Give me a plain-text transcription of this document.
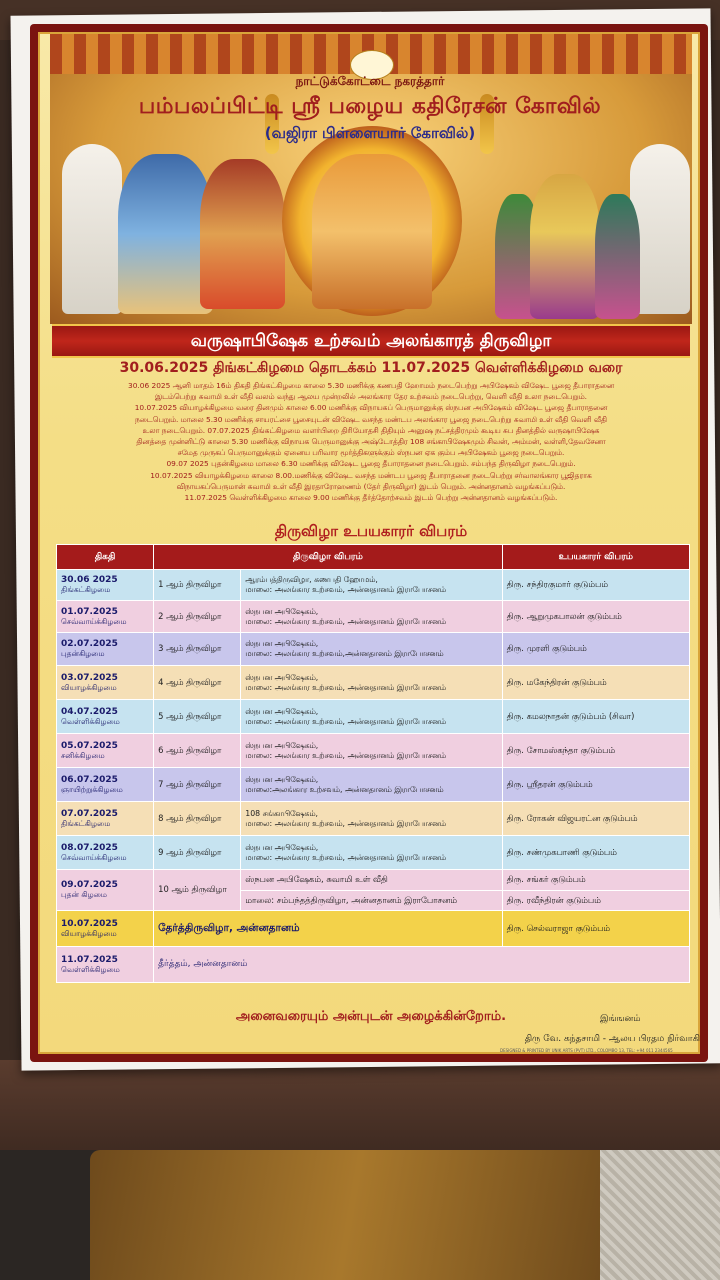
நாட்டுக்கோட்டை நகரத்தார்
பம்பலப்பிட்டி ஸ்ரீ பழைய கதிரேசன் கோவில்
(வஜிரா பிள்ளையார் கோவில்)
வருஷாபிஷேக உற்சவம் அலங்காரத் திருவிழா
30.06.2025 திங்கட்கிழமை தொடக்கம் 11.07.2025 வெள்ளிக்கிழமை வரை
30.06 2025 ஆனி மாதம் 16ம் திகதி திங்கட்கிழமை காலை 5.30 மணிக்கு கணபதி ஹோமம் நடைபெற்று அபிஷேகம் விஷேட பூஜை தீபாராதனை
இடம்பெற்று சுவாமி உள் வீதி வலம் வந்து ஆலய முன்றலில் அலங்கார தேர உற்சவம் நடைபெற்று, வெளி வீதி உலா நடைபெறும்.
10.07.2025 வியாழக்கிழமை வரை தினமும் காலை 6.00 மணிக்கு விநாயகப் பெருமானுக்கு ஸ்நபன அபிஷேகம் விஷேட பூஜை தீபாராதனை
நடைபெறும். மாலை 5.30 மணிக்கு சாயரட்சை பூசையுடன் விஷேட வசந்த மண்டப அலங்கார பூஜை நடைபெற்று சுவாமி உள் வீதி வெளி வீதி
உலா நடைபெறும். 07.07.2025 திங்கட்கிழமை வளர்பிறை திரியோதசி திதியும் அனுஷ நட்சத்திரமும் கூடிய சுப தினத்தில் வருஷாபிஷேக
தினத்தை முன்னிட்டு காலை 5.30 மணிக்கு விநாயக பெருமானுக்கு அஷ்டோத்திர 108 சங்காபிஷேகமும் சிவன், அம்மன், வள்ளி,தேவசேனா
சமேத முருகப் பெருமானுக்கும் ஏனைய பரிவார மூர்த்திகளுக்கும் ஸ்நபன ஏக கும்ப அபிஷேகம் பூஜை நடைபெறும்.
09.07 2025 புதன்கிழமை மாலை 6.30 மணிக்கு விஷேட பூஜை தீபாராதனை நடைபெறும். சம்பந்த திருவிழா நடைபெறும்.
10.07.2025 வியாழக்கிழமை காலை 8.00.மணிக்கு விஷேட வசந்த மண்டப பூஜை தீபாராதனை நடைபெற்று சர்வாலங்கார பூஜிதராக
விநாயகப்பெருமான் சுவாமி உள் வீதி இரதாரோஹணம் (தேர் திருவிழா) இடம் பெறும். அன்னதானம் வழங்கப்படும்.
11.07.2025 வெள்ளிக்கிழமை காலை 9.00 மணிக்கு தீர்த்தோற்சவம் இடம் பெற்று அன்னதானம் வழங்கப்படும்.
திருவிழா உபயகாரர் விபரம்
திகதி	திருவிழா விபரம்		உபயகாரர் விபரம்

30.06 2025
திங்கட்கிழமை	1 ஆம் திருவிழா	ஆரம்பத்திருவிழா, கணபதி ஹோமம்,
மாலை: அலங்கார உற்சவம், அன்னதானம் இராபோசனம்	திரு. சந்திரகுமார் குடும்பம்

01.07.2025
செவ்வாய்க்கிழமை	2 ஆம் திருவிழா	ஸ்நபன அபிஷேகம்,
மாலை: அலங்கார உற்சவம், அன்னதானம் இராபோசனம்	திரு. ஆறுமுகபாலன் குடும்பம்

02.07.2025
புதன்கிழமை	3 ஆம் திருவிழா	ஸ்நபன அபிஷேகம்,
மாலை: அலங்கார உற்சவம்,அன்னதானம் இராபோசனம்	திரு. முரளி குடும்பம்

03.07.2025
வியாழக்கிழமை	4 ஆம் திருவிழா	ஸ்நபன அபிஷேகம்,
மாலை: அலங்கார உற்சவம், அன்னதானம் இராபோசனம்	திரு. மகேந்திரன் குடும்பம்

04.07.2025
வெள்ளிக்கிழமை	5 ஆம் திருவிழா	ஸ்நபன அபிஷேகம்,
மாலை: அலங்கார உற்சவம், அன்னதானம் இராபோசனம்	திரு. கமலநாதன் குடும்பம் (சிவா)

05.07.2025
சனிக்கிழமை	6 ஆம் திருவிழா	ஸ்நபன அபிஷேகம்,
மாலை: அலங்கார உற்சவம், அன்னதானம் இராபோசனம்	திரு. சோமஸ்கந்தா குடும்பம்

06.07.2025
ஞாயிற்றுக்கிழமை	7 ஆம் திருவிழா	ஸ்நபன அபிஷேகம்,
மாலை:அலங்கார உற்சவம், அன்னதானம் இராபோசனம்	திரு. ஸ்ரீதரன் குடும்பம்

07.07.2025
திங்கட்கிழமை	8 ஆம் திருவிழா	108 சங்காபிஷேகம்,
மாலை: அலங்கார உற்சவம், அன்னதானம் இராபோசனம்	திரு. ரோகன் விஜயரட்ன குடும்பம்

08.07.2025
செவ்வாய்க்கிழமை	9 ஆம் திருவிழா	ஸ்நபன அபிஷேகம்,
மாலை: அலங்கார உற்சவம், அன்னதானம் இராபோசனம்	திரு. சண்முகபாணி குடும்பம்

09.07.2025
புதன் கிழமை	10 ஆம் திருவிழா	ஸ்நபன அபிஷேகம், சுவாமி உள் வீதி	திரு. சங்கர் குடும்பம்
		மாலை: சம்பந்தத்திருவிழா, அன்னதானம் இராபோசனம்	திரு. ரவீந்திரன் குடும்பம்

10.07.2025
வியாழக்கிழமை	தேர்த்திருவிழா, அன்னதானம்		திரு. செல்வராஜா குடும்பம்

11.07.2025
வெள்ளிக்கிழமை	தீர்த்தம், அன்னதானம்		
அனைவரையும் அன்புடன் அழைக்கின்றோம்.	இங்ஙனம்
திரு வே. கந்தசாமி - ஆலய பிரதம நிர்வாகி
DESIGNED & PRINTED BY UNIK ARTS (PVT) LTD., COLOMBO 13, TEL: +94 011 2344565
